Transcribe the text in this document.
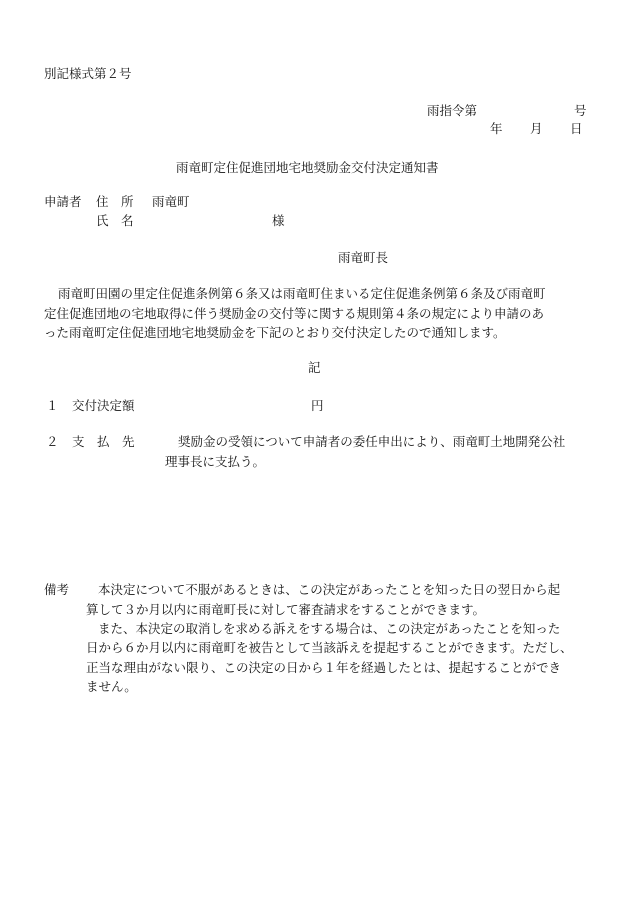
別記様式第２号
雨指令第	号
年 月 日
雨竜町定住促進団地宅地奨励金交付決定通知書
申請者 住　所 雨竜町
氏　名	様
雨竜町長
雨竜町田園の里定住促進条例第６条又は雨竜町住まいる定住促進条例第６条及び雨竜町
定住促進団地の宅地取得に伴う奨励金の交付等に関する規則第４条の規定により申請のあ
った雨竜町定住促進団地宅地奨励金を下記のとおり交付決定したので通知します。
記
１ 交付決定額	円
２ 支　払　先	奨励金の受領について申請者の委任申出により、雨竜町土地開発公社
理事長に支払う。
備考 本決定について不服があるときは、この決定があったことを知った日の翌日から起
算して３か月以内に雨竜町長に対して審査請求をすることができます。
また、本決定の取消しを求める訴えをする場合は、この決定があったことを知った
日から６か月以内に雨竜町を被告として当該訴えを提起することができます。ただし、
正当な理由がない限り、この決定の日から１年を経過したとは、提起することができ
ません。
